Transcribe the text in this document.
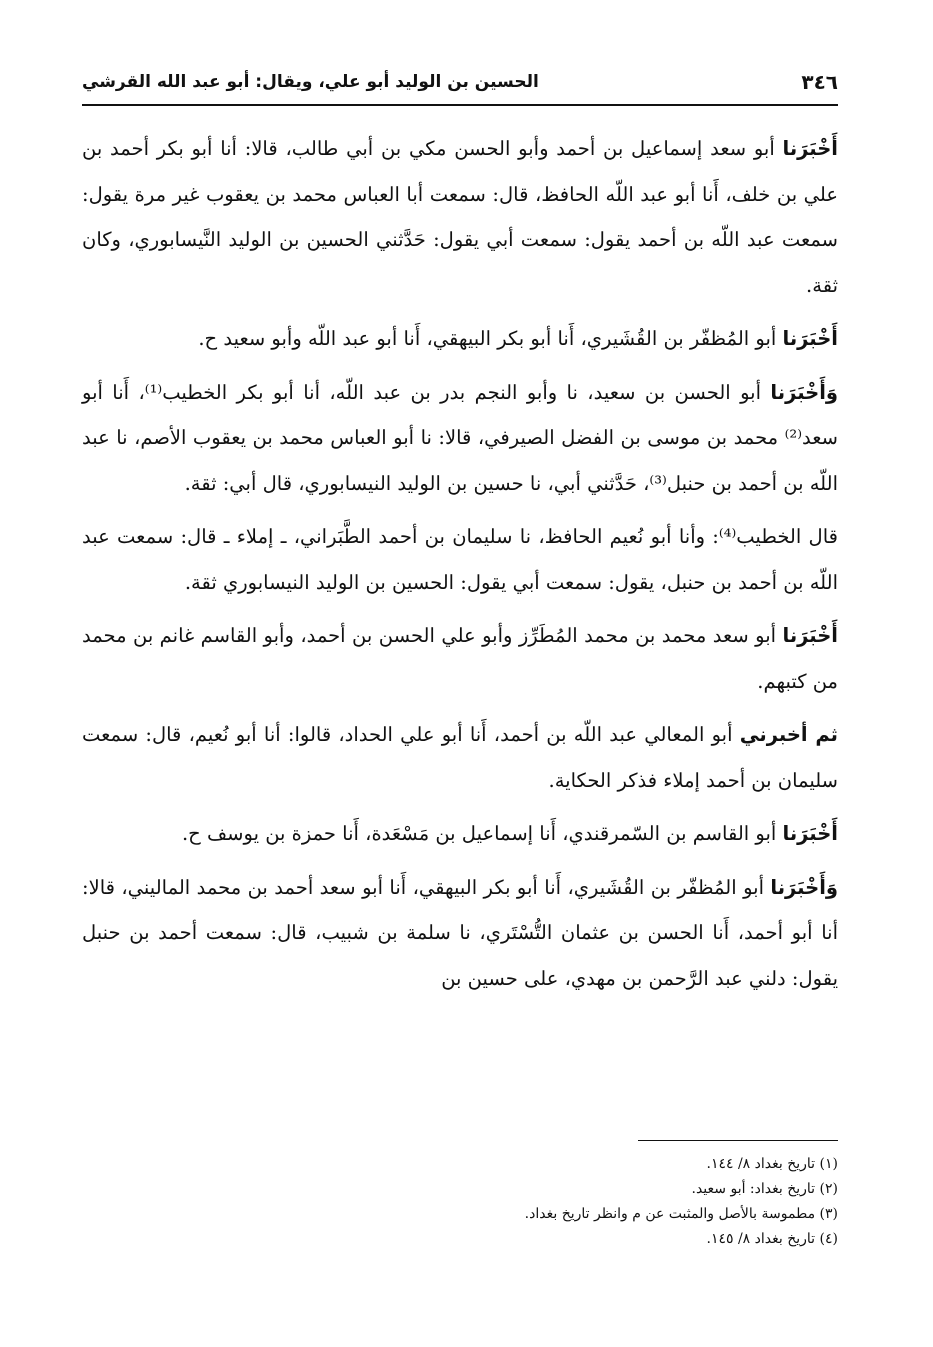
٣٤٦
الحسين بن الوليد أبو علي، ويقال: أبو عبد الله القرشي

أَخْبَرَنا أبو سعد إسماعيل بن أحمد وأبو الحسن مكي بن أبي طالب، قالا: أنا أبو بكر أحمد بن علي بن خلف، أَنا أبو عبد اللّه الحافظ، قال: سمعت أبا العباس محمد بن يعقوب غير مرة يقول: سمعت عبد اللّه بن أحمد يقول: سمعت أبي يقول: حَدَّثني الحسين بن الوليد النَّيسابوري، وكان ثقة.

أَخْبَرَنا أبو المُظفّر بن القُشَيري، أَنا أبو بكر البيهقي، أَنا أبو عبد اللّه وأبو سعيد ح.

وَأَخْبَرَنا أبو الحسن بن سعيد، نا وأبو النجم بدر بن عبد اللّه، أنا أبو بكر الخطيب⁽¹⁾، أَنا أبو سعد⁽²⁾ محمد بن موسى بن الفضل الصيرفي، قالا: نا أبو العباس محمد بن يعقوب الأصم، نا عبد اللّه بن أحمد بن حنبل⁽³⁾، حَدَّثني أبي، نا حسين بن الوليد النيسابوري، قال أبي: ثقة.

قال الخطيب⁽⁴⁾: وأنا أبو نُعيم الحافظ، نا سليمان بن أحمد الطَّبَراني، ـ إملاء ـ قال: سمعت عبد اللّه بن أحمد بن حنبل، يقول: سمعت أبي يقول: الحسين بن الوليد النيسابوري ثقة.

أَخْبَرَنا أبو سعد محمد بن محمد المُطَرِّز وأبو علي الحسن بن أحمد، وأبو القاسم غانم بن محمد من كتبهم.

ثم أخبرني أبو المعالي عبد اللّه بن أحمد، أَنا أبو علي الحداد، قالوا: أنا أبو نُعيم، قال: سمعت سليمان بن أحمد إملاء فذكر الحكاية.

أَخْبَرَنا أبو القاسم بن السّمرقندي، أَنا إسماعيل بن مَسْعَدة، أَنا حمزة بن يوسف ح.

وَأَخْبَرَنا أبو المُظفّر بن القُشَيري، أَنا أبو بكر البيهقي، أَنا أبو سعد أحمد بن محمد الماليني، قالا: أنا أبو أحمد، أَنا الحسن بن عثمان التُّسْتَري، نا سلمة بن شبيب، قال: سمعت أحمد بن حنبل يقول: دلني عبد الرَّحمن بن مهدي، على حسين بن

(١) تاريخ بغداد ٨/ ١٤٤.

(٢) تاريخ بغداد: أبو سعيد.

(٣) مطموسة بالأصل والمثبت عن م وانظر تاريخ بغداد.

(٤) تاريخ بغداد ٨/ ١٤٥.
